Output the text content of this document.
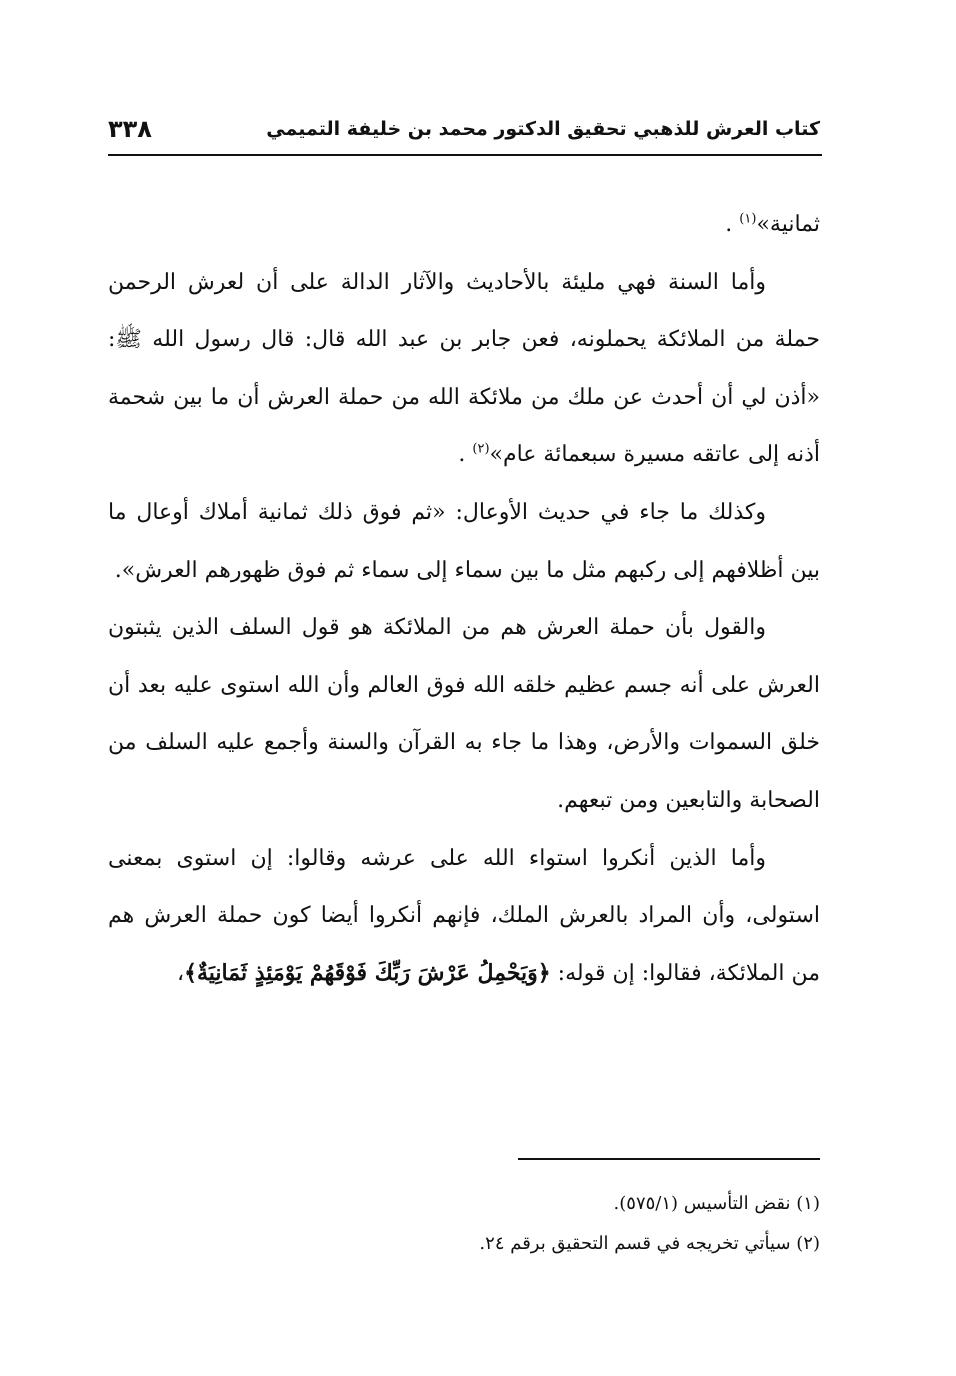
كتاب العرش للذهبي تحقيق الدكتور محمد بن خليفة التميمي
٣٣٨

ثمانية»$^{(١)}$ .

وأما السنة فهي مليئة بالأحاديث والآثار الدالة على أن لعرش الرحمن حملة من الملائكة يحملونه، فعن جابر بن عبد الله قال: قال رسول الله ﷺ: «أذن لي أن أحدث عن ملك من ملائكة الله من حملة العرش أن ما بين شحمة أذنه إلى عاتقه مسيرة سبعمائة عام»$^{(٢)}$ .

وكذلك ما جاء في حديث الأوعال: «ثم فوق ذلك ثمانية أملاك أوعال ما بين أظلافهم إلى ركبهم مثل ما بين سماء إلى سماء ثم فوق ظهورهم العرش».

والقول بأن حملة العرش هم من الملائكة هو قول السلف الذين يثبتون العرش على أنه جسم عظيم خلقه الله فوق العالم وأن الله استوى عليه بعد أن خلق السموات والأرض، وهذا ما جاء به القرآن والسنة وأجمع عليه السلف من الصحابة والتابعين ومن تبعهم.

وأما الذين أنكروا استواء الله على عرشه وقالوا: إن استوى بمعنى استولى، وأن المراد بالعرش الملك، فإنهم أنكروا أيضا كون حملة العرش هم من الملائكة، فقالوا: إن قوله: ﴿وَيَحْمِلُ عَرْشَ رَبِّكَ فَوْقَهُمْ يَوْمَئِذٍ ثَمَانِيَةٌ﴾،

(١) نقض التأسيس (٥٧٥/١).

(٢) سيأتي تخريجه في قسم التحقيق برقم ٢٤.
